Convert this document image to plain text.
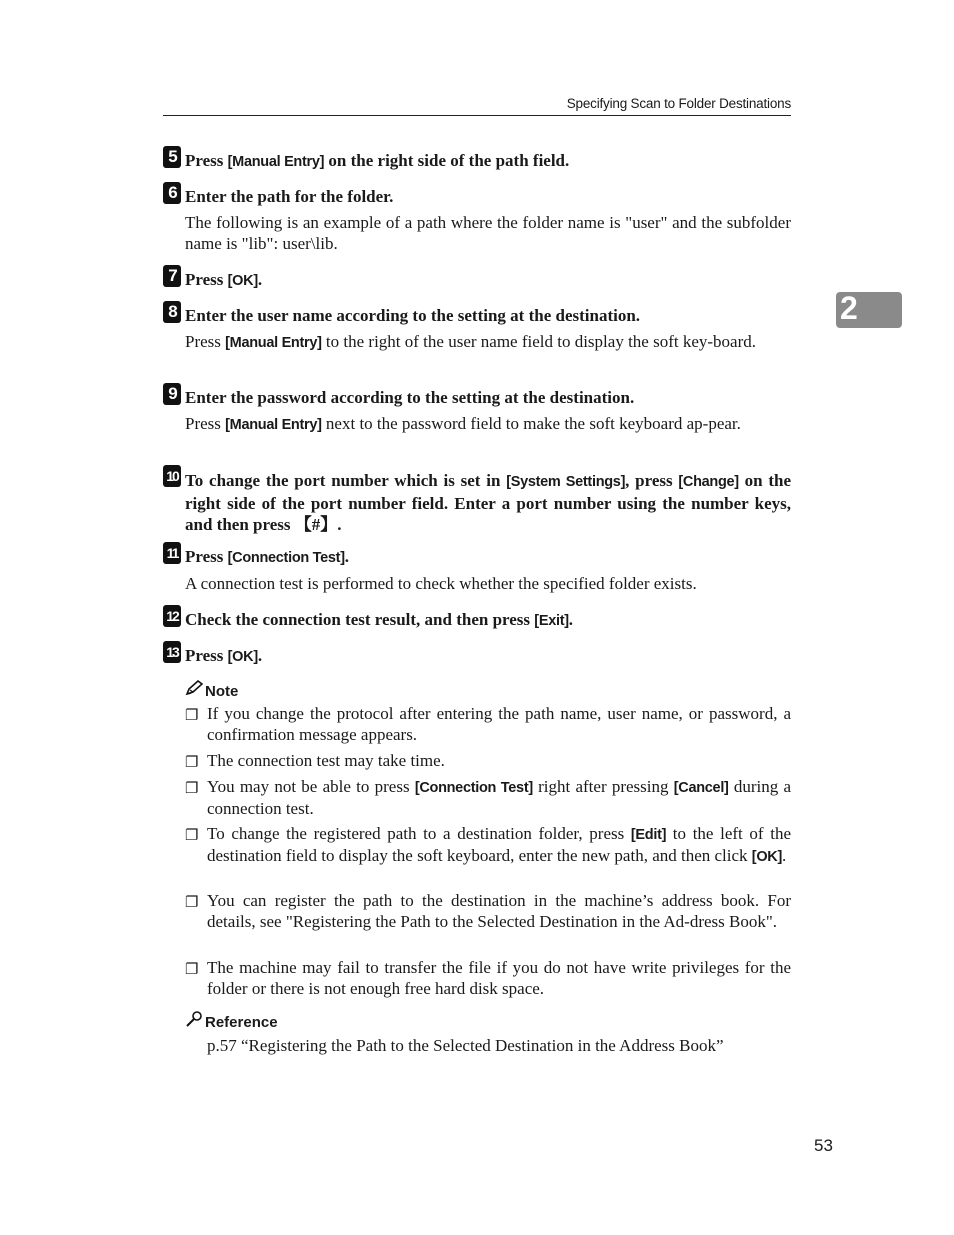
Specifying Scan to Folder Destinations
2
5 Press [Manual Entry] on the right side of the path field.
6 Enter the path for the folder.
The following is an example of a path where the folder name is "user" and the subfolder name is "lib": user\lib.
7 Press [OK].
8 Enter the user name according to the setting at the destination.
Press [Manual Entry] to the right of the user name field to display the soft key-board.
9 Enter the password according to the setting at the destination.
Press [Manual Entry] next to the password field to make the soft keyboard ap-pear.
10 To change the port number which is set in [System Settings], press [Change] on the right side of the port number field. Enter a port number using the number keys, and then press 【#】.
11 Press [Connection Test].
A connection test is performed to check whether the specified folder exists.
12 Check the connection test result, and then press [Exit].
13 Press [OK].
Note
❐ If you change the protocol after entering the path name, user name, or password, a confirmation message appears.
❐ The connection test may take time.
❐ You may not be able to press [Connection Test] right after pressing [Cancel] during a connection test.
❐ To change the registered path to a destination folder, press [Edit] to the left of the destination field to display the soft keyboard, enter the new path, and then click [OK].
❐ You can register the path to the destination in the machine’s address book. For details, see "Registering the Path to the Selected Destination in the Ad-dress Book".
❐ The machine may fail to transfer the file if you do not have write privileges for the folder or there is not enough free hard disk space.
Reference
p.57 “Registering the Path to the Selected Destination in the Address Book”
53
